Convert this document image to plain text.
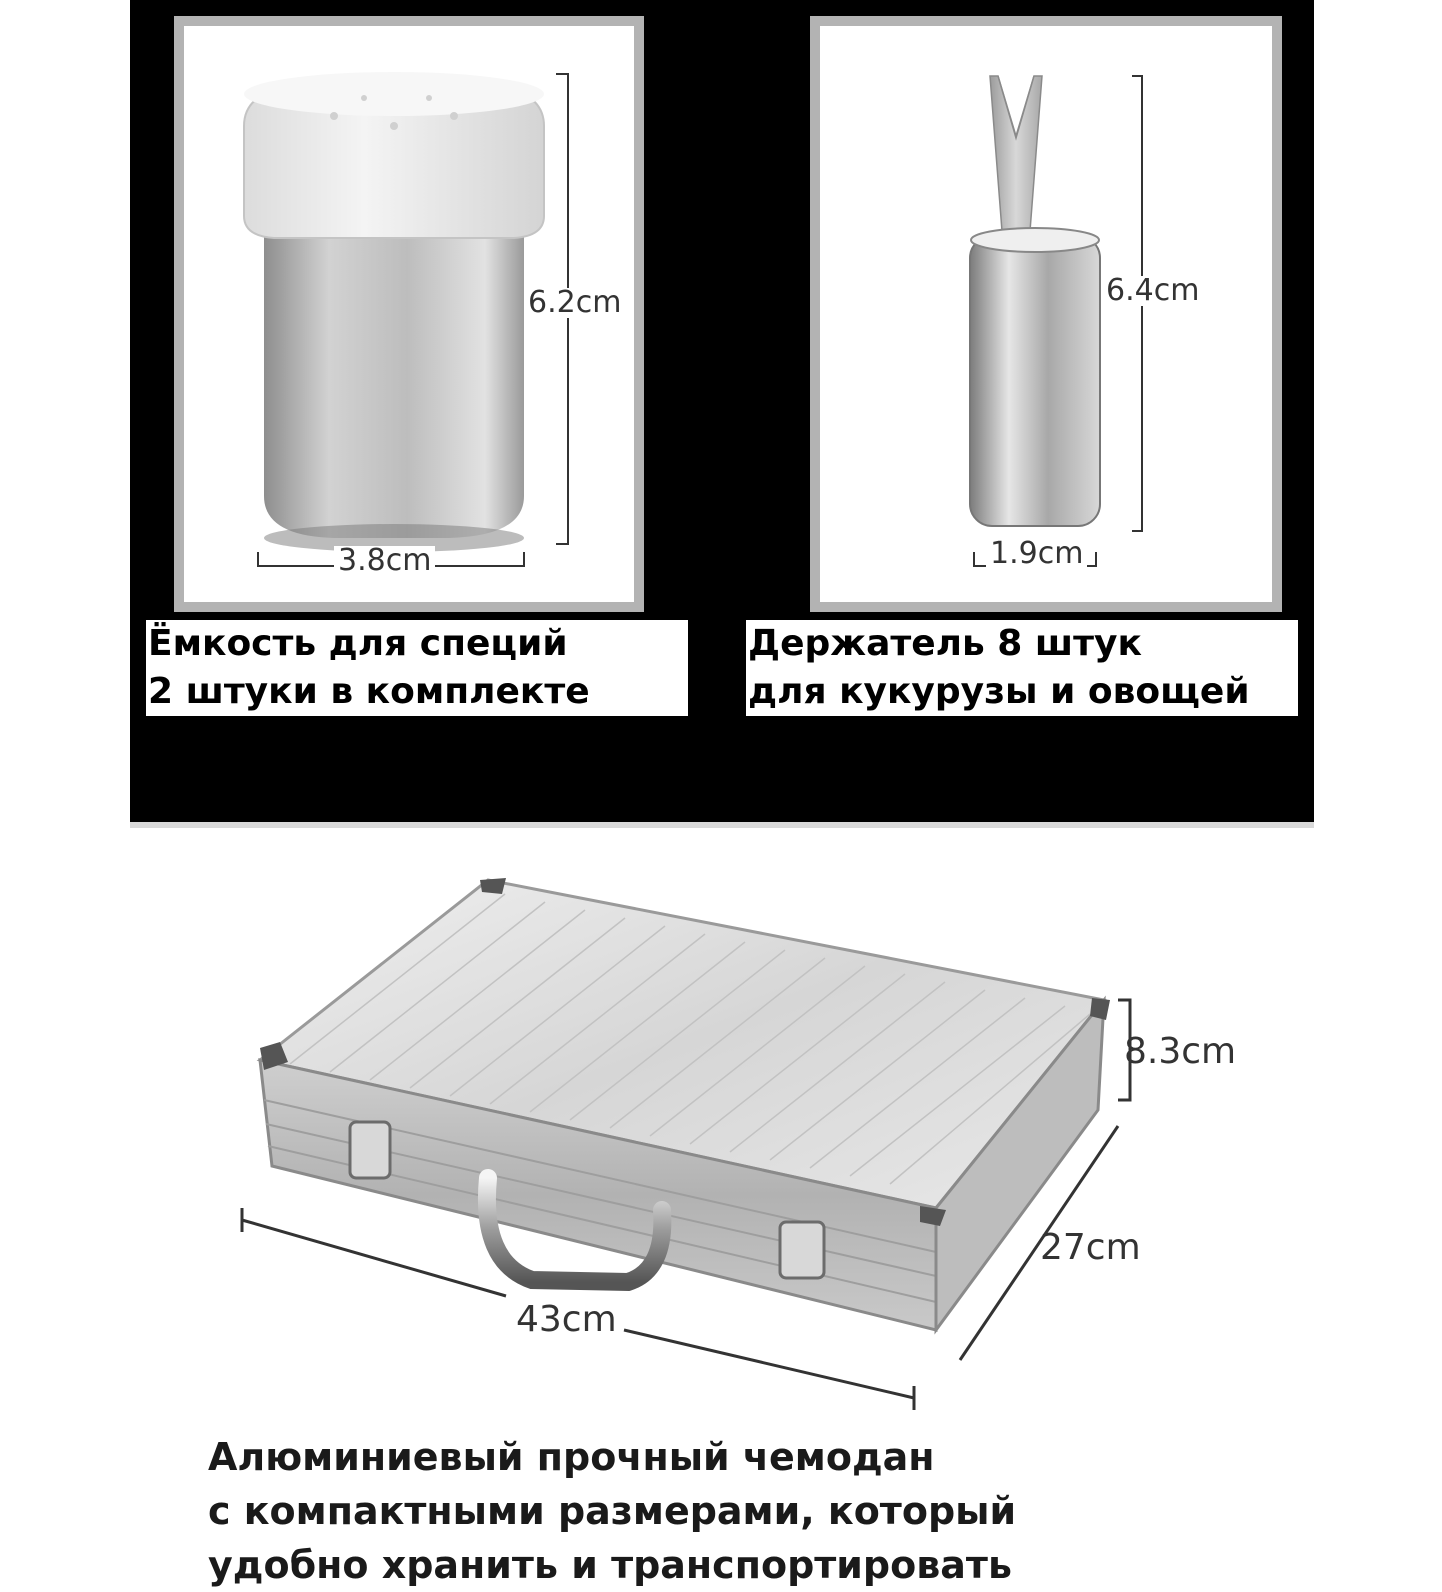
6.2cm
3.8cm
6.4cm
1.9cm
Ёмкость для специй
2 штуки в комплекте
Держатель 8 штук
для кукурузы и овощей
8.3cm
27cm
43cm
Алюминиевый прочный чемодан
с компактными размерами, который
удобно хранить и транспортировать
